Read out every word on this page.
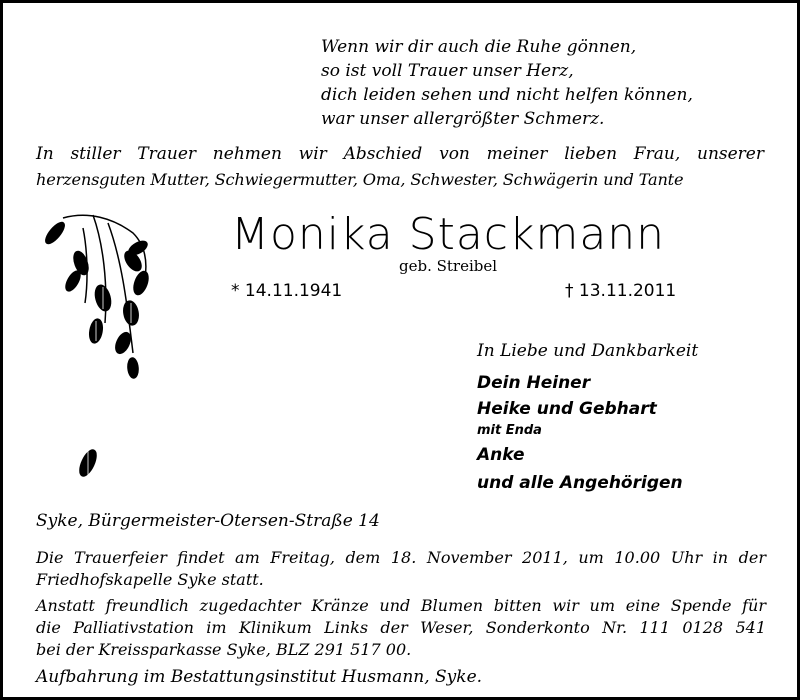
Wenn wir dir auch die Ruhe gönnen,
so ist voll Trauer unser Herz,
dich leiden sehen und nicht helfen können,
war unser allergrößter Schmerz.
In stiller Trauer nehmen wir Abschied von meiner lieben Frau, unserer
herzensguten Mutter, Schwiegermutter, Oma, Schwester, Schwägerin und Tante
Monika Stackmann
geb. Streibel
* 14.11.1941	† 13.11.2011
In Liebe und Dankbarkeit
Dein Heiner
Heike und Gebhart
mit Enda
Anke
und alle Angehörigen
Syke, Bürgermeister-Otersen-Straße 14
Die Trauerfeier findet am Freitag, dem 18. November 2011, um 10.00 Uhr in der
Friedhofskapelle Syke statt.
Anstatt freundlich zugedachter Kränze und Blumen bitten wir um eine Spende für
die Palliativstation im Klinikum Links der Weser, Sonderkonto Nr. 111 0128 541
bei der Kreissparkasse Syke, BLZ 291 517 00.
Aufbahrung im Bestattungsinstitut Husmann, Syke.
